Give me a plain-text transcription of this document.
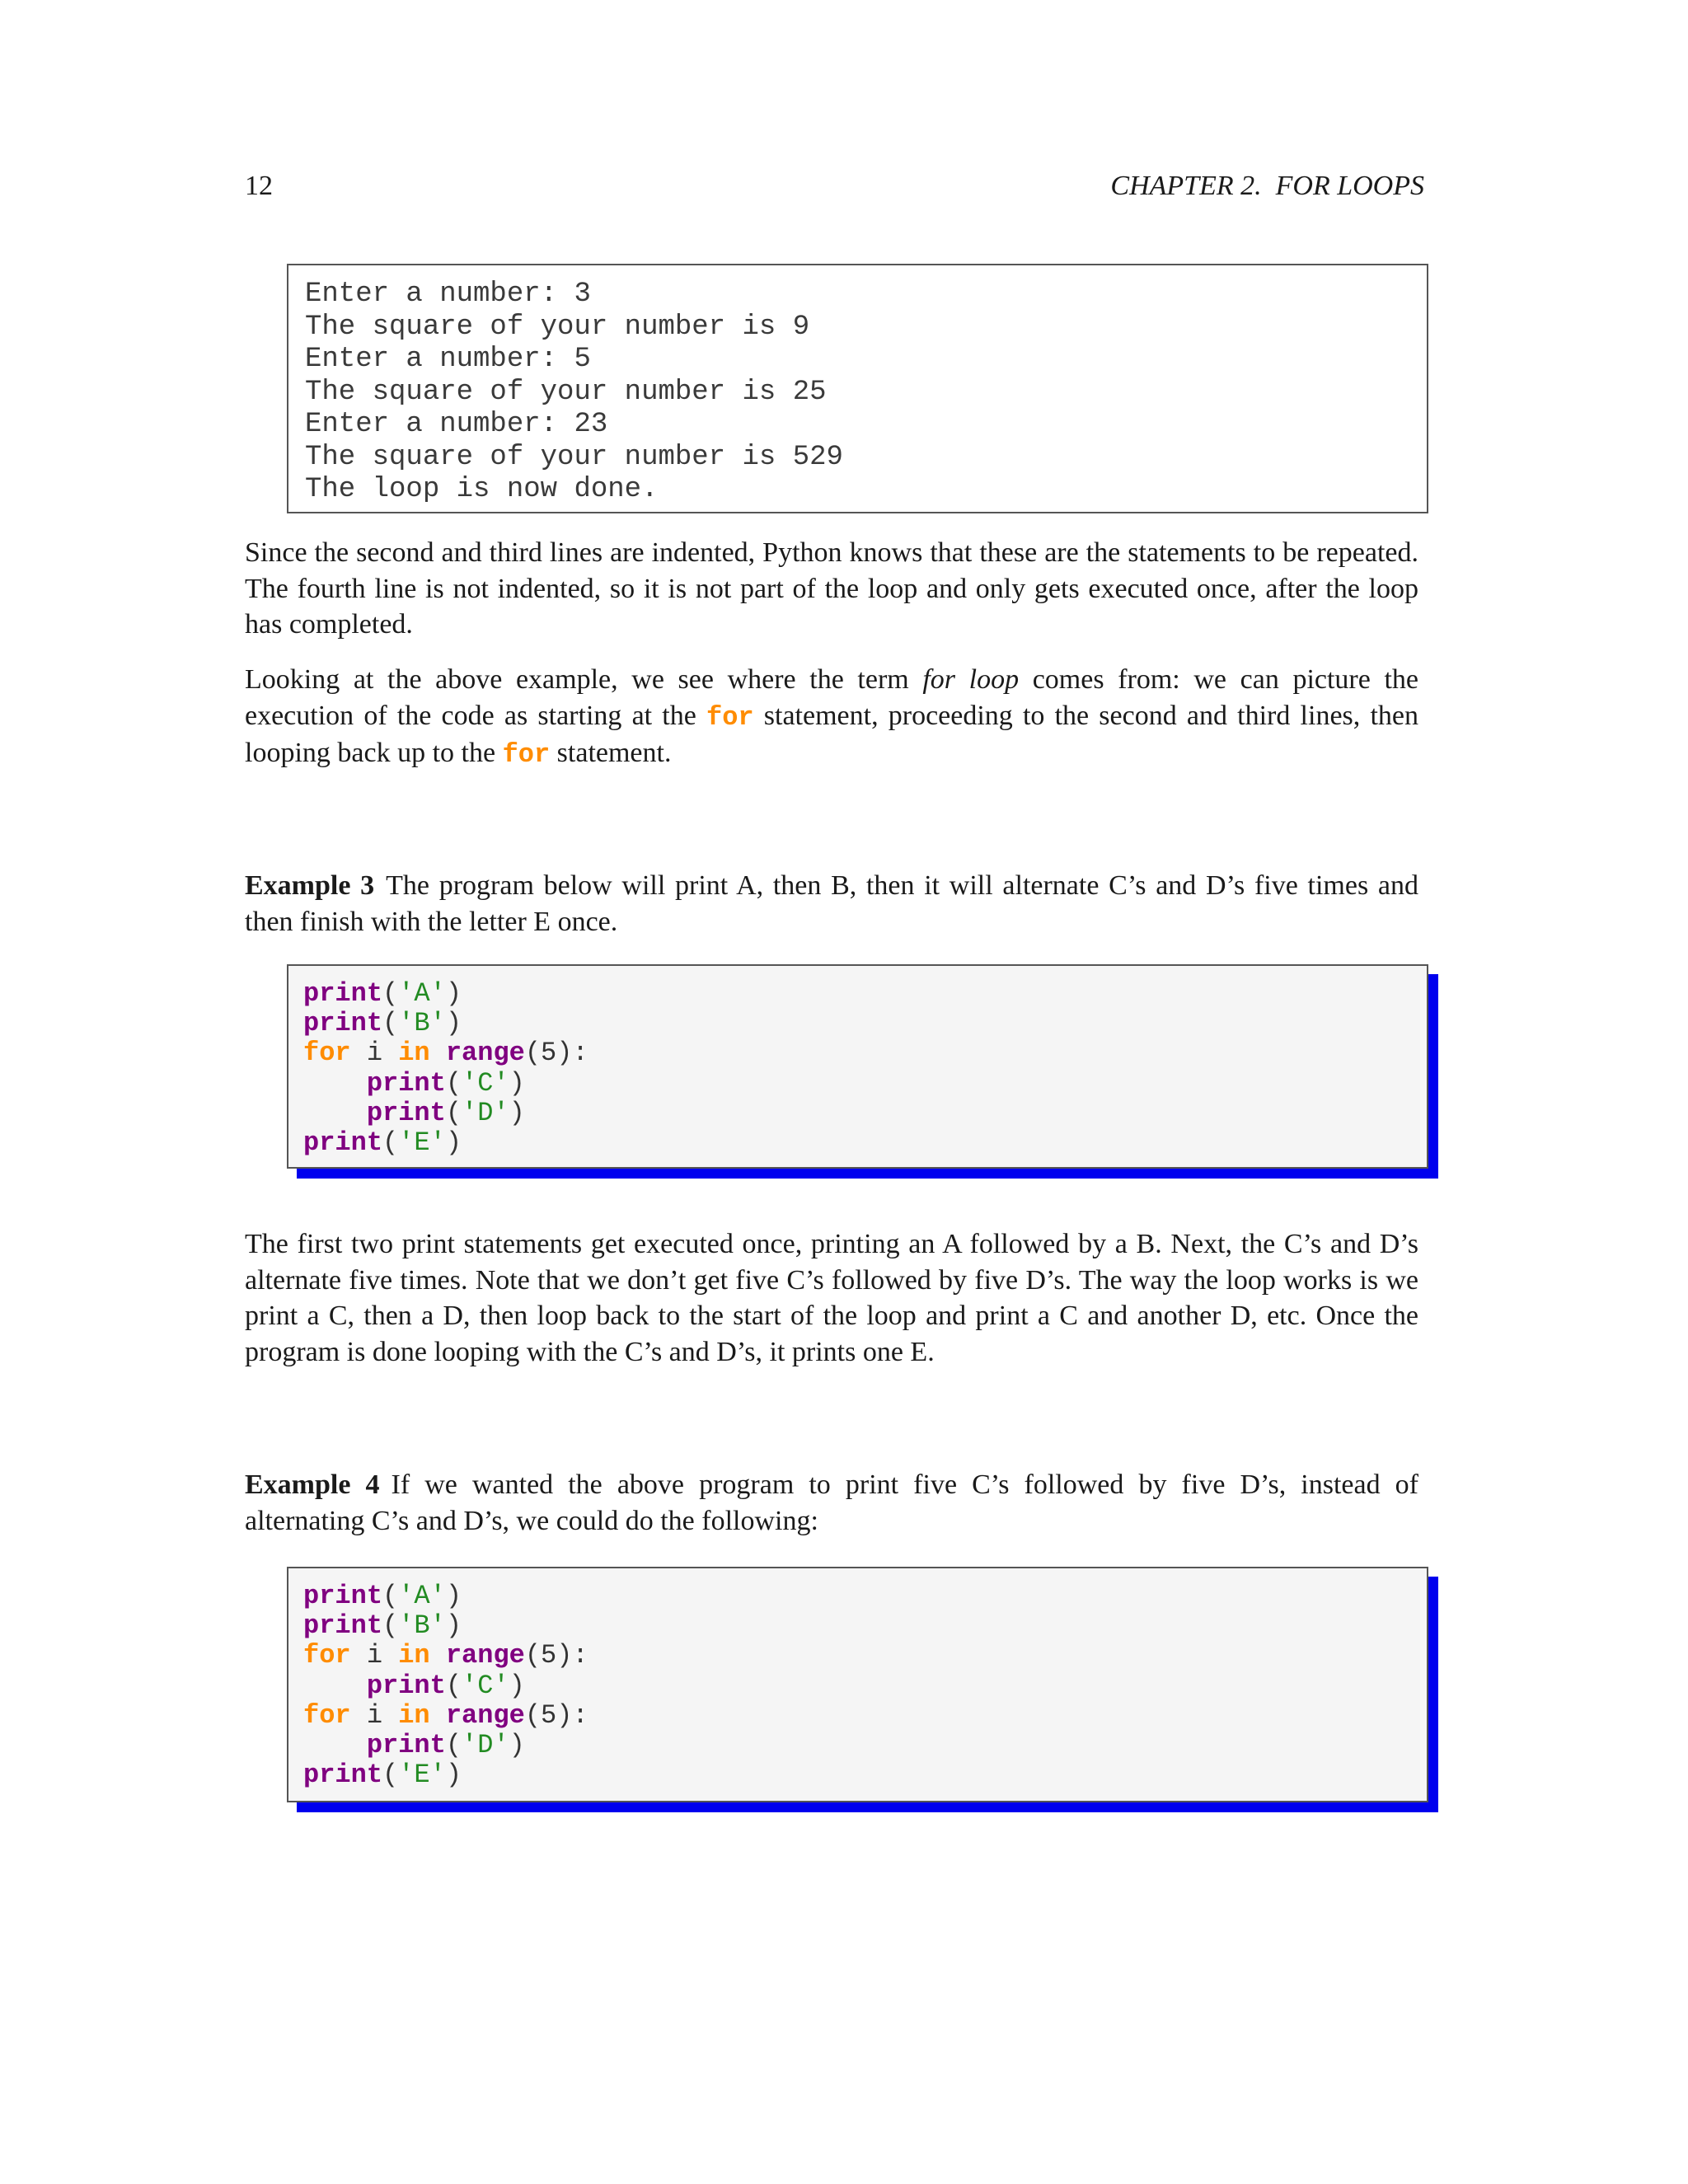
12	CHAPTER 2.  FOR LOOPS
Enter a number: 3
The square of your number is 9
Enter a number: 5
The square of your number is 25
Enter a number: 23
The square of your number is 529
The loop is now done.

Since the second and third lines are indented, Python knows that these are the statements to be repeated. The fourth line is not indented, so it is not part of the loop and only gets executed once, after the loop has completed.

Looking at the above example, we see where the term for loop comes from: we can picture the execution of the code as starting at the for statement, proceeding to the second and third lines, then looping back up to the for statement.

Example 3 The program below will print A, then B, then it will alternate C’s and D’s five times and then finish with the letter E once.

print('A')
print('B')
for i in range(5):
print('C')
print('D')
print('E')

The first two print statements get executed once, printing an A followed by a B. Next, the C’s and D’s alternate five times. Note that we don’t get five C’s followed by five D’s. The way the loop works is we print a C, then a D, then loop back to the start of the loop and print a C and another D, etc. Once the program is done looping with the C’s and D’s, it prints one E.

Example 4 If we wanted the above program to print five C’s followed by five D’s, instead of alternating C’s and D’s, we could do the following:

print('A')
print('B')
for i in range(5):
print('C')
for i in range(5):
print('D')
print('E')
